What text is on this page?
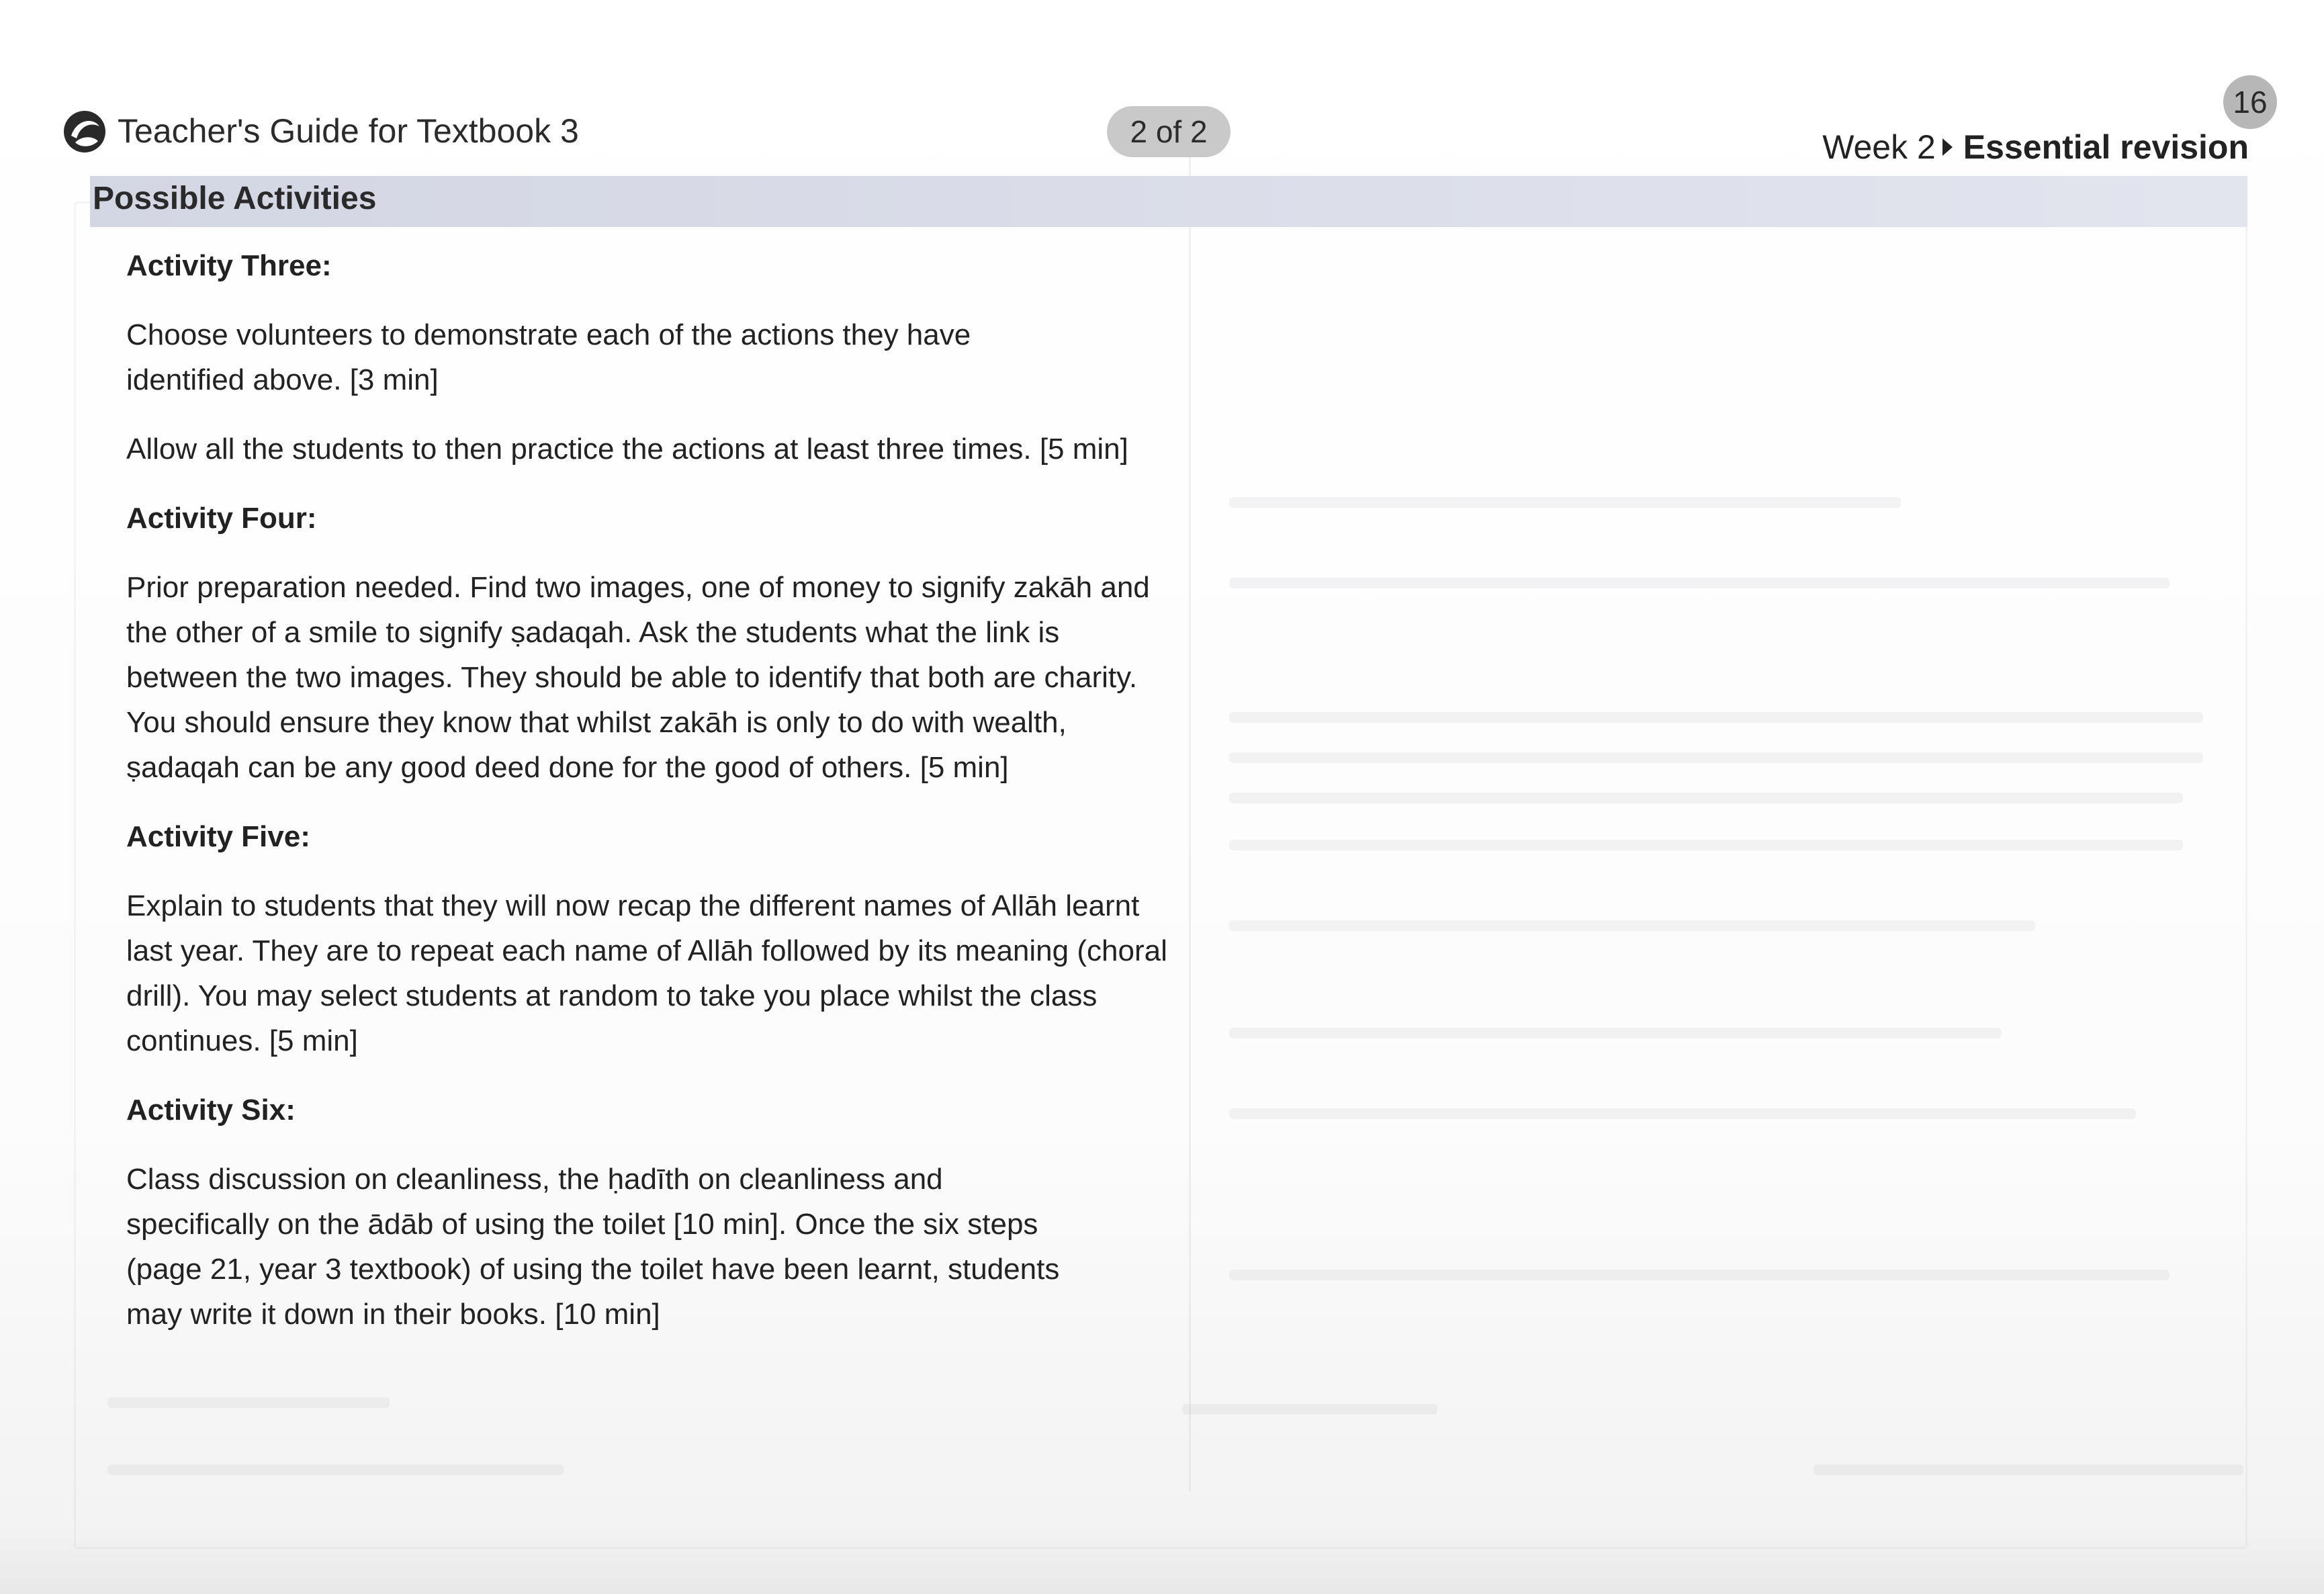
Teacher's Guide for Textbook 3	2 of 2
16
Week 2 Essential revision
Possible Activities
Activity Three:

Choose volunteers to demonstrate each of the actions they have identified above. [3 min]

Allow all the students to then practice the actions at least three times. [5 min]

Activity Four:

Prior preparation needed. Find two images, one of money to signify zakāh and the other of a smile to signify ṣadaqah. Ask the students what the link is between the two images. They should be able to identify that both are charity. You should ensure they know that whilst zakāh is only to do with wealth, ṣadaqah can be any good deed done for the good of others. [5 min]

Activity Five:

Explain to students that they will now recap the different names of Allāh learnt last year. They are to repeat each name of Allāh followed by its meaning (choral drill). You may select students at random to take you place whilst the class continues. [5 min]

Activity Six:

Class discussion on cleanliness, the ḥadīth on cleanliness and specifically on the ādāb of using the toilet [10 min]. Once the six steps (page 21, year 3 textbook) of using the toilet have been learnt, students may write it down in their books. [10 min]
